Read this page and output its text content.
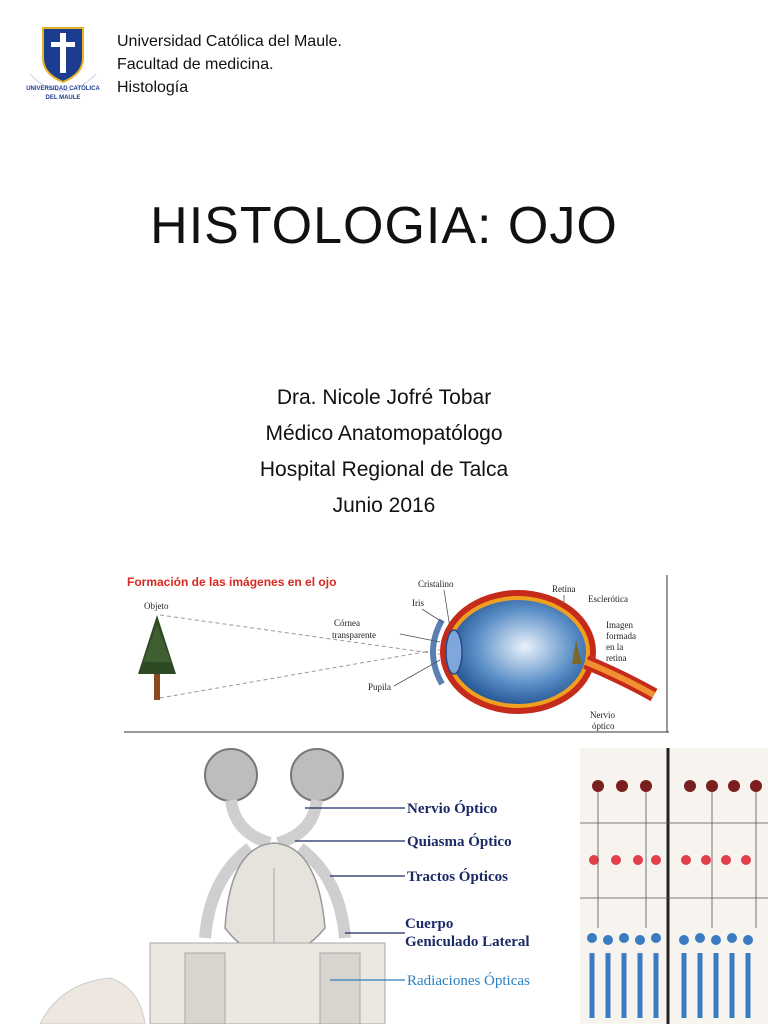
UNIVERSIDAD CATÓLICA
DEL MAULE
Universidad Católica del Maule.
Facultad de medicina.
Histología
HISTOLOGIA: OJO
Dra. Nicole Jofré Tobar
Médico Anatomopatólogo
Hospital Regional de Talca
Junio 2016
Formación de las imágenes en el ojo
Objeto
Cristalino
Iris
Retina
Esclerótica
Córnea
transparente
Imagen
formada
en la
retina
Pupila
Nervio
óptico
Nervio Óptico
Quiasma Óptico
Tractos Ópticos
Cuerpo
Geniculado Lateral
Radiaciones Ópticas
